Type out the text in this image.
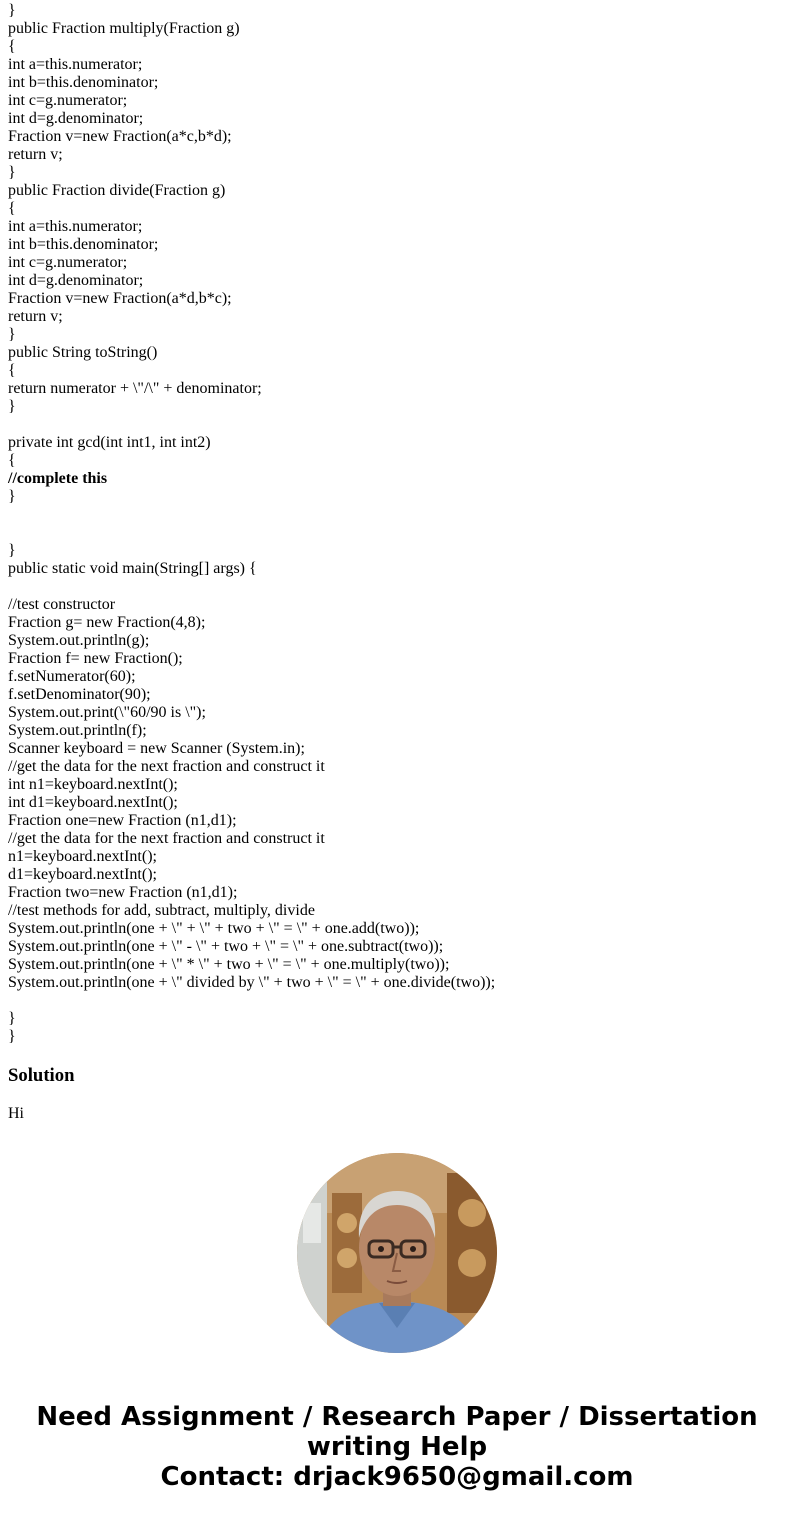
}
public Fraction multiply(Fraction g)
{
int a=this.numerator;
int b=this.denominator;
int c=g.numerator;
int d=g.denominator;
Fraction v=new Fraction(a*c,b*d);
return v;
}
public Fraction divide(Fraction g)
{
int a=this.numerator;
int b=this.denominator;
int c=g.numerator;
int d=g.denominator;
Fraction v=new Fraction(a*d,b*c);
return v;
}
public String toString()
{
return numerator + \"/\" + denominator;
}
private int gcd(int int1, int int2)
{
//complete this
}
}
public static void main(String[] args) {
//test constructor
Fraction g= new Fraction(4,8);
System.out.println(g);
Fraction f= new Fraction();
f.setNumerator(60);
f.setDenominator(90);
System.out.print(\"60/90 is \");
System.out.println(f);
Scanner keyboard = new Scanner (System.in);
//get the data for the next fraction and construct it
int n1=keyboard.nextInt();
int d1=keyboard.nextInt();
Fraction one=new Fraction (n1,d1);
//get the data for the next fraction and construct it
n1=keyboard.nextInt();
d1=keyboard.nextInt();
Fraction two=new Fraction (n1,d1);
//test methods for add, subtract, multiply, divide
System.out.println(one + \" + \" + two + \" = \" + one.add(two));
System.out.println(one + \" - \" + two + \" = \" + one.subtract(two));
System.out.println(one + \" * \" + two + \" = \" + one.multiply(two));
System.out.println(one + \" divided by \" + two + \" = \" + one.divide(two));
}
}
Solution

Hi

Need Assignment / Research Paper / Dissertation
writing Help
Contact: drjack9650@gmail.com
